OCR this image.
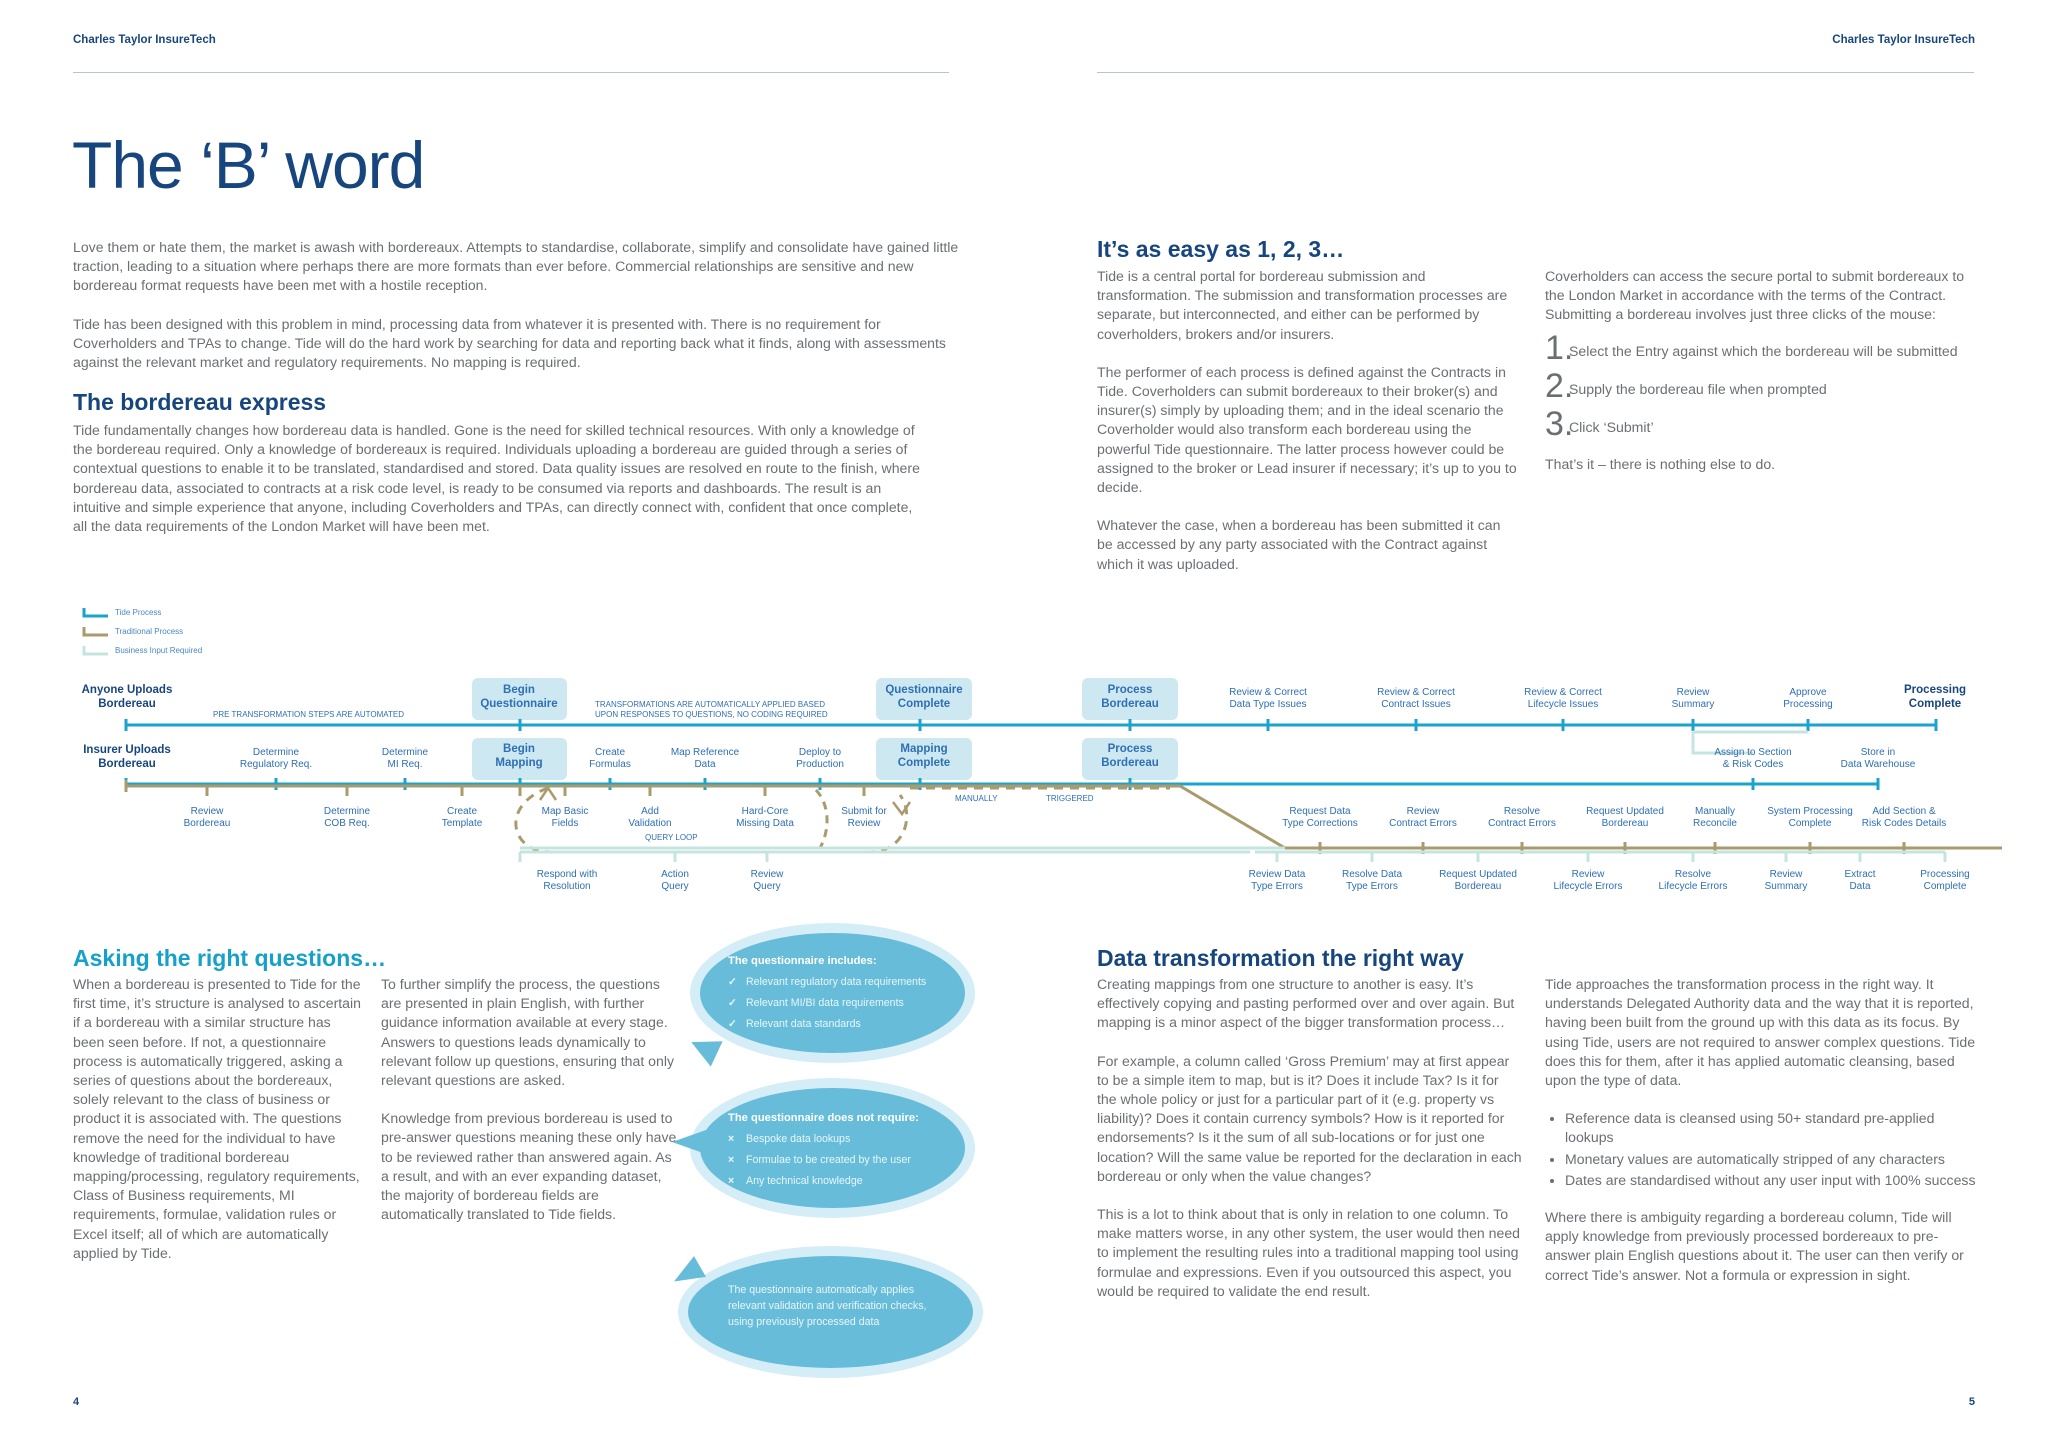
Charles Taylor InsureTech	Charles Taylor InsureTech
The ‘B’ word

Love them or hate them, the market is awash with bordereaux. Attempts to standardise, collaborate, simplify and consolidate have gained little traction, leading to a situation where perhaps there are more formats than ever before. Commercial relationships are sensitive and new bordereau format requests have been met with a hostile reception.

Tide has been designed with this problem in mind, processing data from whatever it is presented with. There is no requirement for Coverholders and TPAs to change. Tide will do the hard work by searching for data and reporting back what it finds, along with assessments against the relevant market and regulatory requirements. No mapping is required.

The bordereau express

Tide fundamentally changes how bordereau data is handled. Gone is the need for skilled technical resources. With only a knowledge of the bordereau required. Only a knowledge of bordereaux is required. Individuals uploading a bordereau are guided through a series of contextual questions to enable it to be translated, standardised and stored. Data quality issues are resolved en route to the finish, where bordereau data, associated to contracts at a risk code level, is ready to be consumed via reports and dashboards. The result is an intuitive and simple experience that anyone, including Coverholders and TPAs, can directly connect with, confident that once complete, all the data requirements of the London Market will have been met.

It’s as easy as 1, 2, 3…

Tide is a central portal for bordereau submission and transformation. The submission and transformation processes are separate, but interconnected, and either can be performed by coverholders, brokers and/or insurers.

The performer of each process is defined against the Contracts in Tide. Coverholders can submit bordereaux to their broker(s) and insurer(s) simply by uploading them; and in the ideal scenario the Coverholder would also transform each bordereau using the powerful Tide questionnaire. The latter process however could be assigned to the broker or Lead insurer if necessary; it’s up to you to decide.

Whatever the case, when a bordereau has been submitted it can be accessed by any party associated with the Contract against which it was uploaded.

Coverholders can access the secure portal to submit bordereaux to the London Market in accordance with the terms of the Contract. Submitting a bordereau involves just three clicks of the mouse:

1.
Select the Entry against which the bordereau will be submitted
2.
Supply the bordereau file when prompted
3.
Click ‘Submit’

That’s it – there is nothing else to do.

Tide Process
Traditional Process
Business Input Required
Anyone Uploads
Bordereau
Insurer Uploads
Bordereau
PRE TRANSFORMATION STEPS ARE AUTOMATED
TRANSFORMATIONS ARE AUTOMATICALLY APPLIED BASED
UPON RESPONSES TO QUESTIONS, NO CODING REQUIRED
Begin
Questionnaire
Questionnaire
Complete
Process
Bordereau
Begin
Mapping
Mapping
Complete
Process
Bordereau
Review & Correct
Data Type Issues
Review & Correct
Contract Issues
Review & Correct
Lifecycle Issues
Review
Summary
Approve
Processing
Processing
Complete
Determine
Regulatory Req.
Determine
MI Req.
Create
Formulas
Map Reference
Data
Deploy to
Production
Assign to Section
& Risk Codes
Store in
Data Warehouse
Review
Bordereau
Determine
COB Req.
Create
Template
Map Basic
Fields
Add
Validation
Hard-Core
Missing Data
Submit for
Review
MANUALLY	TRIGGERED
QUERY LOOP
Request Data
Type Corrections
Review
Contract Errors
Resolve
Contract Errors
Request Updated
Bordereau
Manually
Reconcile
System Processing
Complete
Add Section &
Risk Codes Details
Respond with
Resolution
Action
Query
Review
Query
Review Data
Type Errors
Resolve Data
Type Errors
Request Updated
Bordereau
Review
Lifecycle Errors
Resolve
Lifecycle Errors
Review
Summary
Extract
Data
Processing
Complete
Asking the right questions…

When a bordereau is presented to Tide for the first time, it’s structure is analysed to ascertain if a bordereau with a similar structure has been seen before. If not, a questionnaire process is automatically triggered, asking a series of questions about the bordereaux, solely relevant to the class of business or product it is associated with. The questions remove the need for the individual to have knowledge of traditional bordereau mapping/processing, regulatory requirements, Class of Business requirements, MI requirements, formulae, validation rules or Excel itself; all of which are automatically applied by Tide.

To further simplify the process, the questions are presented in plain English, with further guidance information available at every stage. Answers to questions leads dynamically to relevant follow up questions, ensuring that only relevant questions are asked.

Knowledge from previous bordereau is used to pre-answer questions meaning these only have to be reviewed rather than answered again. As a result, and with an ever expanding dataset, the majority of bordereau fields are automatically translated to Tide fields.

The questionnaire includes:
✓ Relevant regulatory data requirements
✓ Relevant MI/BI data requirements
✓ Relevant data standards
The questionnaire does not require:
× Bespoke data lookups
× Formulae to be created by the user
× Any technical knowledge
The questionnaire automatically applies relevant validation and verification checks, using previously processed data
Data transformation the right way

Creating mappings from one structure to another is easy. It’s effectively copying and pasting performed over and over again. But mapping is a minor aspect of the bigger transformation process…

For example, a column called ‘Gross Premium’ may at first appear to be a simple item to map, but is it? Does it include Tax? Is it for the whole policy or just for a particular part of it (e.g. property vs liability)? Does it contain currency symbols? How is it reported for endorsements? Is it the sum of all sub-locations or for just one location? Will the same value be reported for the declaration in each bordereau or only when the value changes?

This is a lot to think about that is only in relation to one column. To make matters worse, in any other system, the user would then need to implement the resulting rules into a traditional mapping tool using formulae and expressions. Even if you outsourced this aspect, you would be required to validate the end result.

Tide approaches the transformation process in the right way. It understands Delegated Authority data and the way that it is reported, having been built from the ground up with this data as its focus. By using Tide, users are not required to answer complex questions. Tide does this for them, after it has applied automatic cleansing, based upon the type of data.

• Reference data is cleansed using 50+ standard pre-applied lookups
• Monetary values are automatically stripped of any characters
• Dates are standardised without any user input with 100% success

Where there is ambiguity regarding a bordereau column, Tide will apply knowledge from previously processed bordereaux to pre-answer plain English questions about it. The user can then verify or correct Tide’s answer. Not a formula or expression in sight.

4	5
